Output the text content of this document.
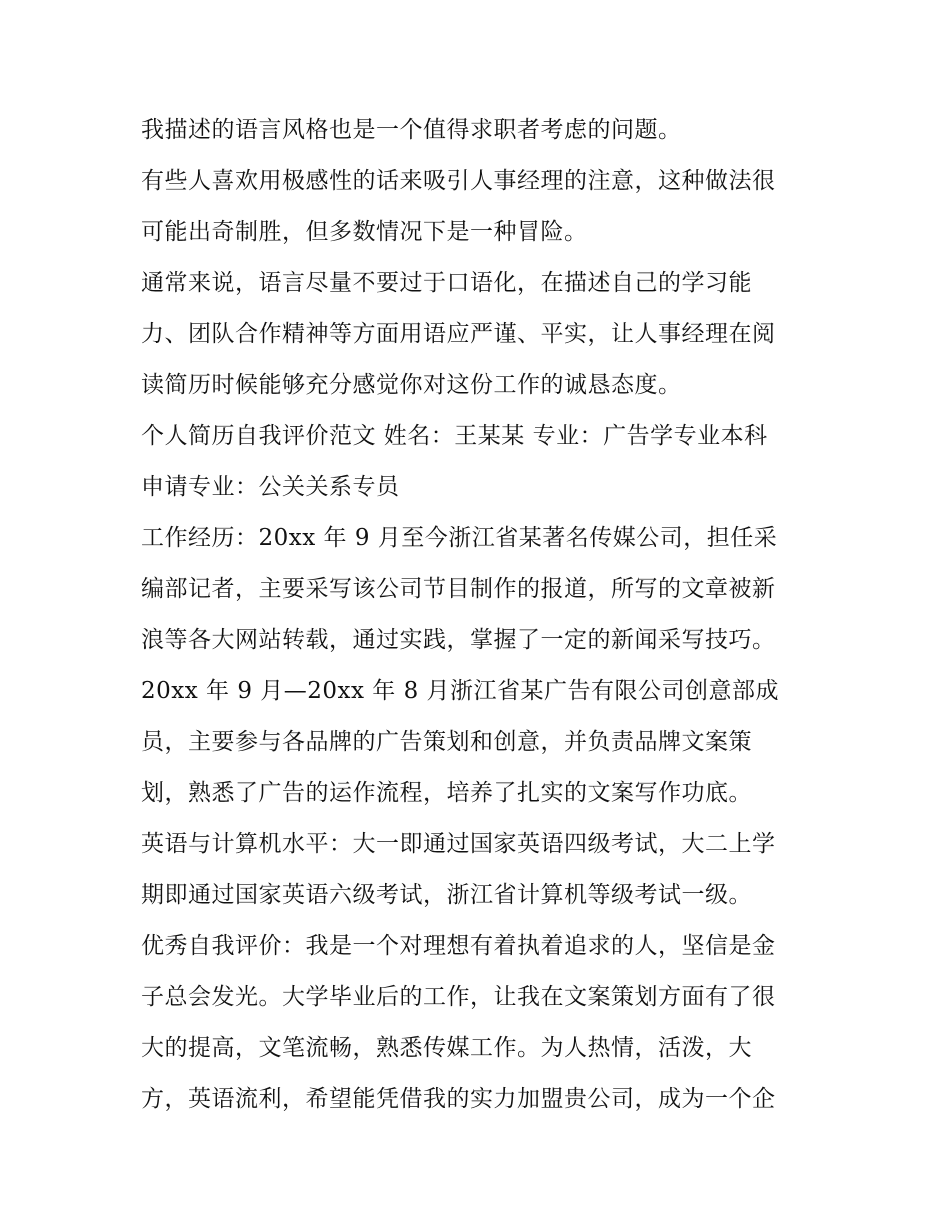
我描述的语言风格也是一个值得求职者考虑的问题。
有些人喜欢用极感性的话来吸引人事经理的注意，这种做法很
可能出奇制胜，但多数情况下是一种冒险。
通常来说，语言尽量不要过于口语化，在描述自己的学习能
力、团队合作精神等方面用语应严谨、平实，让人事经理在阅
读简历时候能够充分感觉你对这份工作的诚恳态度。
个人简历自我评价范文 姓名：王某某 专业：广告学专业本科
申请专业：公关关系专员
工作经历：20xx 年 9 月至今浙江省某著名传媒公司，担任采
编部记者，主要采写该公司节目制作的报道，所写的文章被新
浪等各大网站转载，通过实践，掌握了一定的新闻采写技巧。
20xx 年 9 月—20xx 年 8 月浙江省某广告有限公司创意部成
员，主要参与各品牌的广告策划和创意，并负责品牌文案策
划，熟悉了广告的运作流程，培养了扎实的文案写作功底。
英语与计算机水平：大一即通过国家英语四级考试，大二上学
期即通过国家英语六级考试，浙江省计算机等级考试一级。
优秀自我评价：我是一个对理想有着执着追求的人，坚信是金
子总会发光。大学毕业后的工作，让我在文案策划方面有了很
大的提高，文笔流畅，熟悉传媒工作。为人热情，活泼，大
方，英语流利，希望能凭借我的实力加盟贵公司，成为一个企
